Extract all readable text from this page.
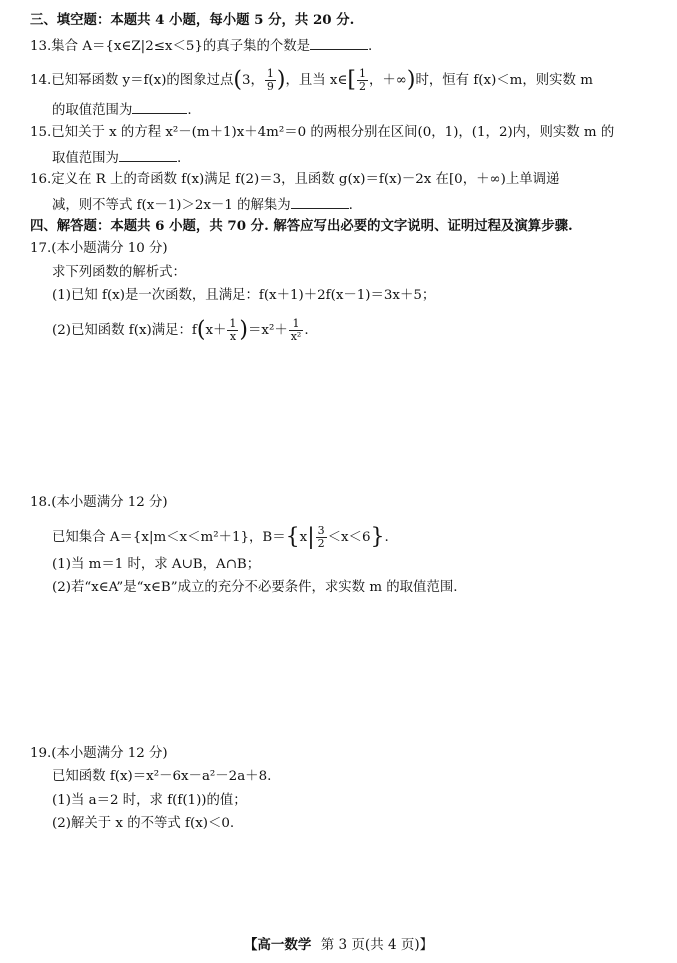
三、填空题：本题共 4 小题，每小题 5 分，共 20 分.
13.集合 A＝{x∈Z|2≤x＜5}的真子集的个数是	.
14.已知幂函数 y＝f(x)的图象过点(3， $\frac{1}{9}$ )，且当 x∈[ $\frac{1}{2}$ ，＋∞)时，恒有 f(x)＜m，则实数 m
的取值范围为	.
15.已知关于 x 的方程 x²－(m＋1)x＋4m²＝0 的两根分别在区间(0，1)，(1，2)内，则实数 m 的
取值范围为	.
16.定义在 R 上的奇函数 f(x)满足 f(2)＝3，且函数 g(x)＝f(x)－2x 在[0，＋∞)上单调递
减，则不等式 f(x－1)＞2x－1 的解集为	.
四、解答题：本题共 6 小题，共 70 分. 解答应写出必要的文字说明、证明过程及演算步骤.
17.(本小题满分 10 分)
求下列函数的解析式：
(1)已知 f(x)是一次函数，且满足：f(x＋1)＋2f(x－1)＝3x＋5；
(2)已知函数 f(x)满足：$f(x+ \frac{1}{x} )=x^2+ \frac{1}{\text{x²}}$ .
18.(本小题满分 12 分)
已知集合 A＝{x|m＜x＜m²＋1}，$B=\{x| \frac{3}{2} <x<6\}$.
(1)当 m＝1 时，求 A∪B，A∩B；
(2)若“x∈A”是“x∈B”成立的充分不必要条件，求实数 m 的取值范围.
19.(本小题满分 12 分)
已知函数 f(x)＝x²－6x－a²－2a＋8.
(1)当 a＝2 时，求 f(f(1))的值；
(2)解关于 x 的不等式 f(x)＜0.
【高一数学 第 3 页(共 4 页)】
